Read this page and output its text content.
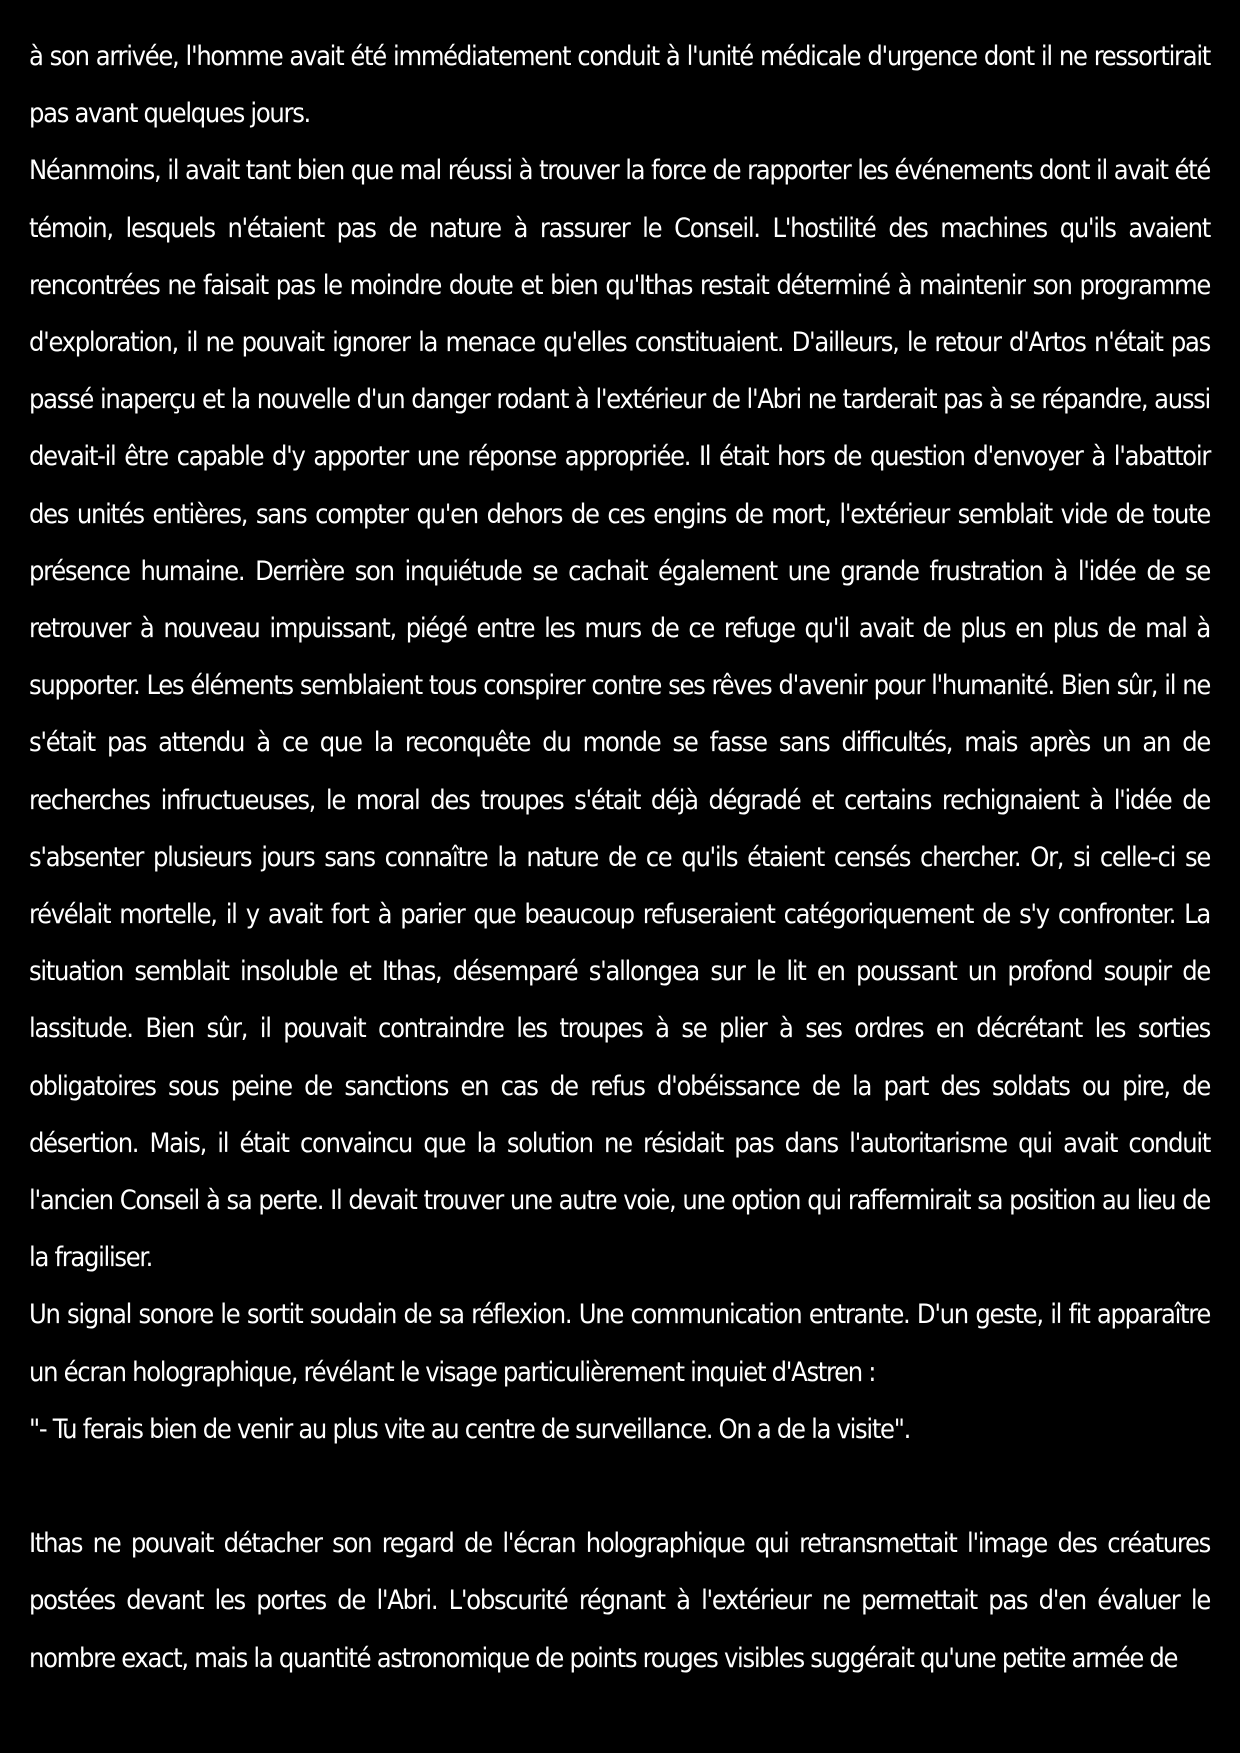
à son arrivée, l'homme avait été immédiatement conduit à l'unité médicale d'urgence dont il ne ressortirait pas avant quelques jours.

Néanmoins, il avait tant bien que mal réussi à trouver la force de rapporter les événements dont il avait été témoin, lesquels n'étaient pas de nature à rassurer le Conseil. L'hostilité des machines qu'ils avaient rencontrées ne faisait pas le moindre doute et bien qu'Ithas restait déterminé à maintenir son programme d'exploration, il ne pouvait ignorer la menace qu'elles constituaient. D'ailleurs, le retour d'Artos n'était pas passé inaperçu et la nouvelle d'un danger rodant à l'extérieur de l'Abri ne tarderait pas à se répandre, aussi devait-il être capable d'y apporter une réponse appropriée. Il était hors de question d'envoyer à l'abattoir des unités entières, sans compter qu'en dehors de ces engins de mort, l'extérieur semblait vide de toute présence humaine. Derrière son inquiétude se cachait également une grande frustration à l'idée de se retrouver à nouveau impuissant, piégé entre les murs de ce refuge qu'il avait de plus en plus de mal à supporter. Les éléments semblaient tous conspirer contre ses rêves d'avenir pour l'humanité. Bien sûr, il ne s'était pas attendu à ce que la reconquête du monde se fasse sans difficultés, mais après un an de recherches infructueuses, le moral des troupes s'était déjà dégradé et certains rechignaient à l'idée de s'absenter plusieurs jours sans connaître la nature de ce qu'ils étaient censés chercher. Or, si celle-ci se révélait mortelle, il y avait fort à parier que beaucoup refuseraient catégoriquement de s'y confronter. La situation semblait insoluble et Ithas, désemparé s'allongea sur le lit en poussant un profond soupir de lassitude. Bien sûr, il pouvait contraindre les troupes à se plier à ses ordres en décrétant les sorties obligatoires sous peine de sanctions en cas de refus d'obéissance de la part des soldats ou pire, de désertion. Mais, il était convaincu que la solution ne résidait pas dans l'autoritarisme qui avait conduit l'ancien Conseil à sa perte. Il devait trouver une autre voie, une option qui raffermirait sa position au lieu de la fragiliser.

Un signal sonore le sortit soudain de sa réflexion. Une communication entrante. D'un geste, il fit apparaître un écran holographique, révélant le visage particulièrement inquiet d'Astren :

"- Tu ferais bien de venir au plus vite au centre de surveillance. On a de la visite".

Ithas ne pouvait détacher son regard de l'écran holographique qui retransmettait l'image des créatures postées devant les portes de l'Abri. L'obscurité régnant à l'extérieur ne permettait pas d'en évaluer le nombre exact, mais la quantité astronomique de points rouges visibles suggérait qu'une petite armée de
